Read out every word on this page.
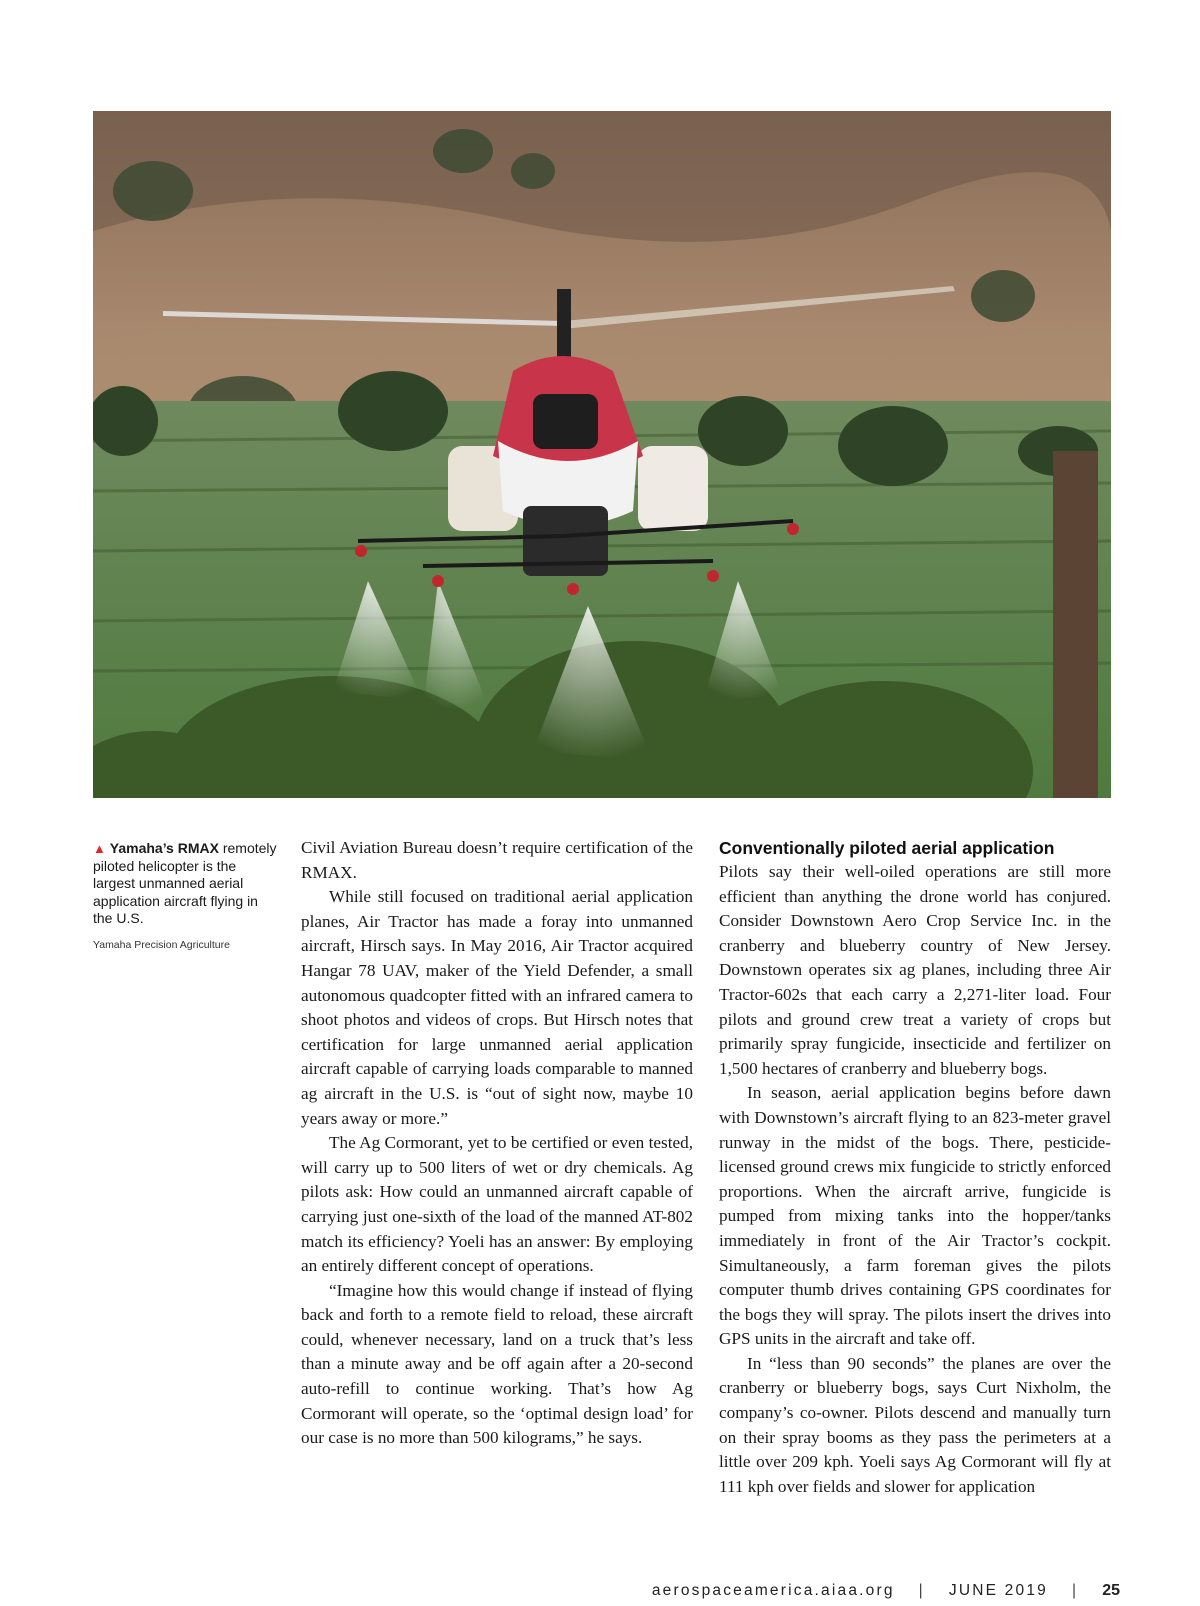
▲ Yamaha’s RMAX remotely piloted helicopter is the largest unmanned aerial application aircraft flying in the U.S.
Yamaha Precision Agriculture

Civil Aviation Bureau doesn’t require certification of the RMAX.

While still focused on traditional aerial application planes, Air Tractor has made a foray into unmanned aircraft, Hirsch says. In May 2016, Air Tractor acquired Hangar 78 UAV, maker of the Yield Defender, a small autonomous quadcopter fitted with an infrared camera to shoot photos and videos of crops. But Hirsch notes that certification for large unmanned aerial application aircraft capable of carrying loads comparable to manned ag aircraft in the U.S. is “out of sight now, maybe 10 years away or more.”

The Ag Cormorant, yet to be certified or even tested, will carry up to 500 liters of wet or dry chemicals. Ag pilots ask: How could an unmanned aircraft capable of carrying just one-sixth of the load of the manned AT-802 match its efficiency? Yoeli has an answer: By employing an entirely different concept of operations.

“Imagine how this would change if instead of flying back and forth to a remote field to reload, these aircraft could, whenever necessary, land on a truck that’s less than a minute away and be off again after a 20-second auto-refill to continue working. That’s how Ag Cormorant will operate, so the ‘optimal design load’ for our case is no more than 500 kilograms,” he says.

Conventionally piloted aerial application

Pilots say their well-oiled operations are still more efficient than anything the drone world has conjured. Consider Downstown Aero Crop Service Inc. in the cranberry and blueberry country of New Jersey. Downstown operates six ag planes, including three Air Tractor-602s that each carry a 2,271-liter load. Four pilots and ground crew treat a variety of crops but primarily spray fungicide, insecticide and fertilizer on 1,500 hectares of cranberry and blueberry bogs.

In season, aerial application begins before dawn with Downstown’s aircraft flying to an 823-meter gravel runway in the midst of the bogs. There, pesticide-licensed ground crews mix fungicide to strictly enforced proportions. When the aircraft arrive, fungicide is pumped from mixing tanks into the hopper/tanks immediately in front of the Air Tractor’s cockpit. Simultaneously, a farm foreman gives the pilots computer thumb drives containing GPS coordinates for the bogs they will spray. The pilots insert the drives into GPS units in the aircraft and take off.

In “less than 90 seconds” the planes are over the cranberry or blueberry bogs, says Curt Nixholm, the company’s co-owner. Pilots descend and manually turn on their spray booms as they pass the perimeters at a little over 209 kph. Yoeli says Ag Cormorant will fly at 111 kph over fields and slower for application

aerospaceamerica.aiaa.org | JUNE 2019 | 25
